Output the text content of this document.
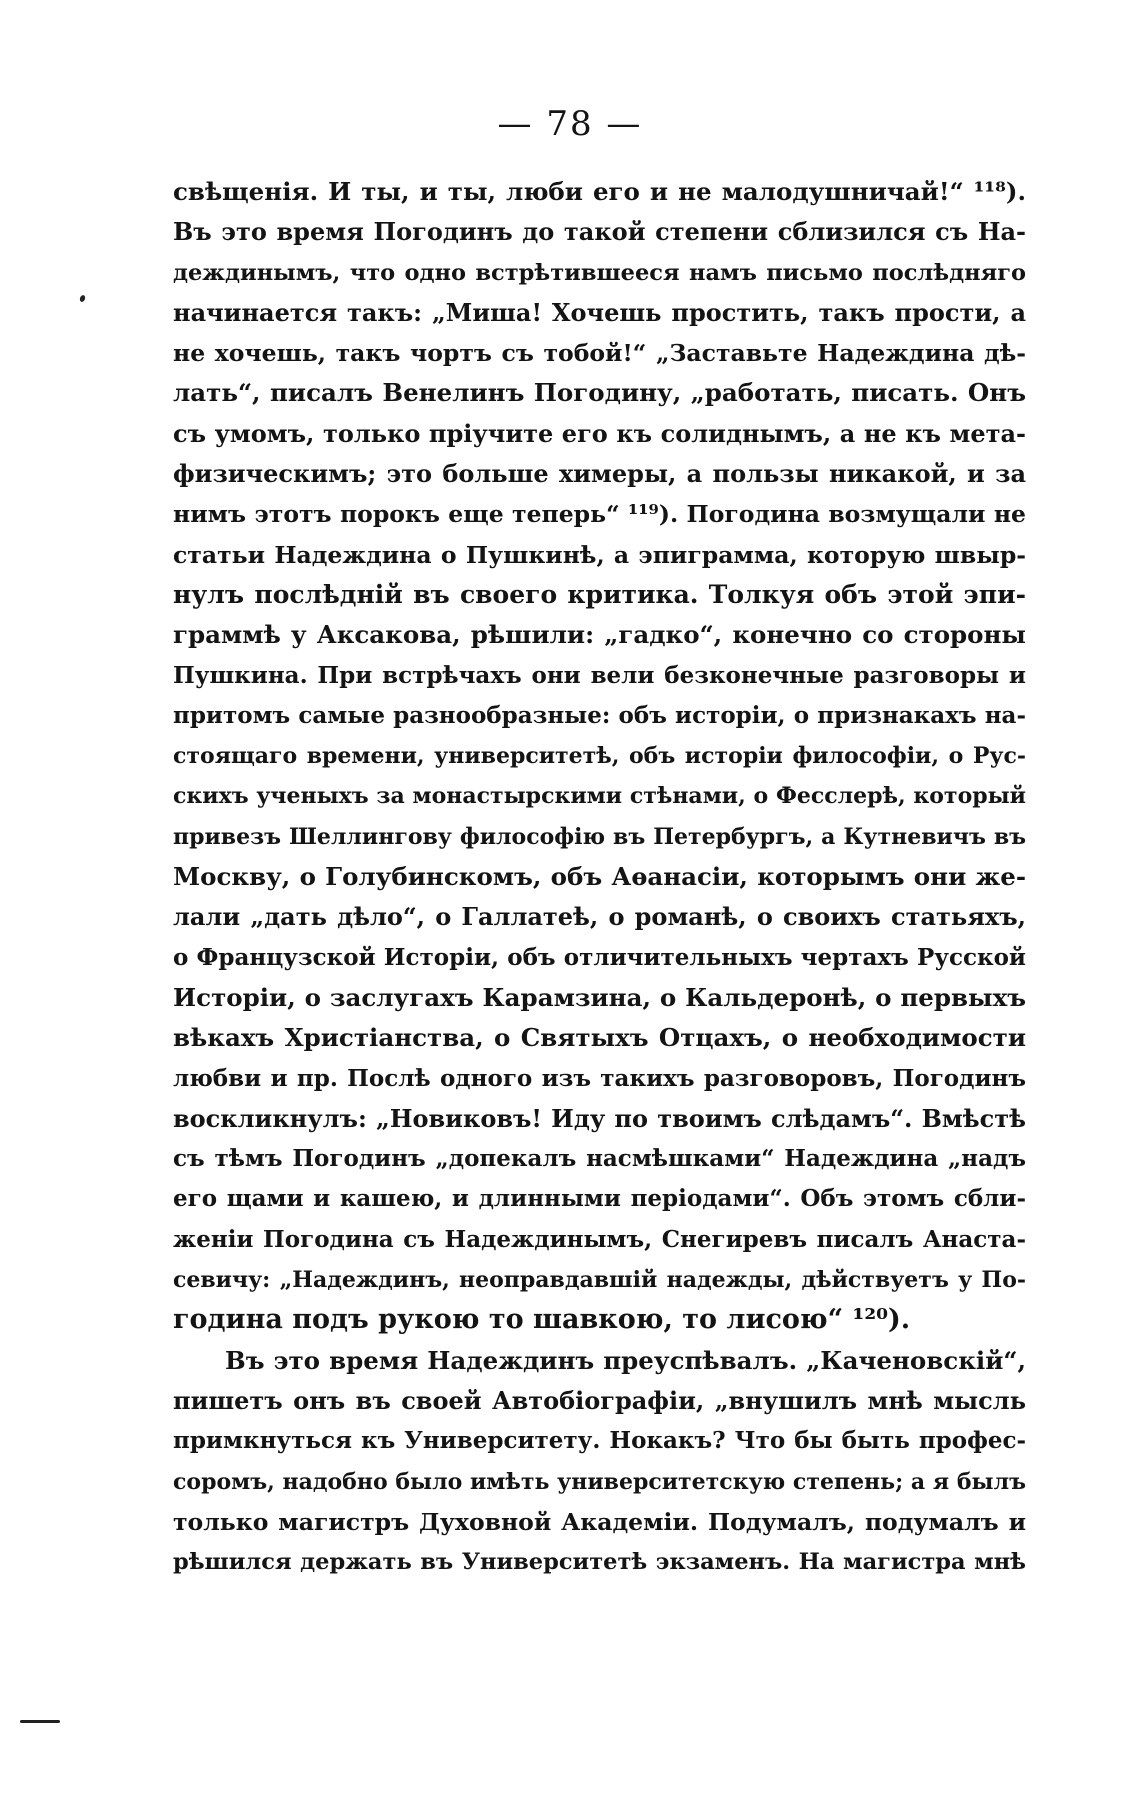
— 78 —
свѣщенія. И ты, и ты, люби его и не малодушничай!“ ¹¹⁸).
Въ это время Погодинъ до такой степени сблизился съ На-
деждинымъ, что одно встрѣтившееся намъ письмо послѣдняго
начинается такъ: „Миша! Хочешь простить, такъ прости, а
не хочешь, такъ чортъ съ тобой!“ „Заставьте Надеждина дѣ-
лать“, писалъ Венелинъ Погодину, „работать, писать. Онъ
съ умомъ, только пріучите его къ солиднымъ, а не къ мета-
физическимъ; это больше химеры, а пользы никакой, и за
нимъ этотъ порокъ еще теперь“ ¹¹⁹). Погодина возмущали не
статьи Надеждина о Пушкинѣ, а эпиграмма, которую швыр-
нулъ послѣдній въ своего критика. Толкуя объ этой эпи-
граммѣ у Аксакова, рѣшили: „гадко“, конечно со стороны
Пушкина. При встрѣчахъ они вели безконечные разговоры и
притомъ самые разнообразные: объ исторіи, о признакахъ на-
стоящаго времени, университетѣ, объ исторіи философіи, о Рус-
скихъ ученыхъ за монастырскими стѣнами, о Фесслерѣ, который
привезъ Шеллингову философію въ Петербургъ, а Кутневичъ въ
Москву, о Голубинскомъ, объ Аѳанасіи, которымъ они же-
лали „дать дѣло“, о Галлатеѣ, о романѣ, о своихъ статьяхъ,
о Французской Исторіи, объ отличительныхъ чертахъ Русской
Исторіи, о заслугахъ Карамзина, о Кальдеронѣ, о первыхъ
вѣкахъ Христіанства, о Святыхъ Отцахъ, о необходимости
любви и пр. Послѣ одного изъ такихъ разговоровъ, Погодинъ
воскликнулъ: „Новиковъ! Иду по твоимъ слѣдамъ“. Вмѣстѣ
съ тѣмъ Погодинъ „допекалъ насмѣшками“ Надеждина „надъ
его щами и кашею, и длинными періодами“. Объ этомъ сбли-
женіи Погодина съ Надеждинымъ, Снегиревъ писалъ Анаста-
севичу: „Надеждинъ, неоправдавшій надежды, дѣйствуетъ у По-
година подъ рукою то шавкою, то лисою“ ¹²⁰).
Въ это время Надеждинъ преуспѣвалъ. „Каченовскій“,
пишетъ онъ въ своей Автобіографіи, „внушилъ мнѣ мысль
примкнуться къ Университету. Нокакъ? Что бы быть профес-
соромъ, надобно было имѣть университетскую степень; а я былъ
только магистръ Духовной Академіи. Подумалъ, подумалъ и
рѣшился держать въ Университетѣ экзаменъ. На магистра мнѣ
